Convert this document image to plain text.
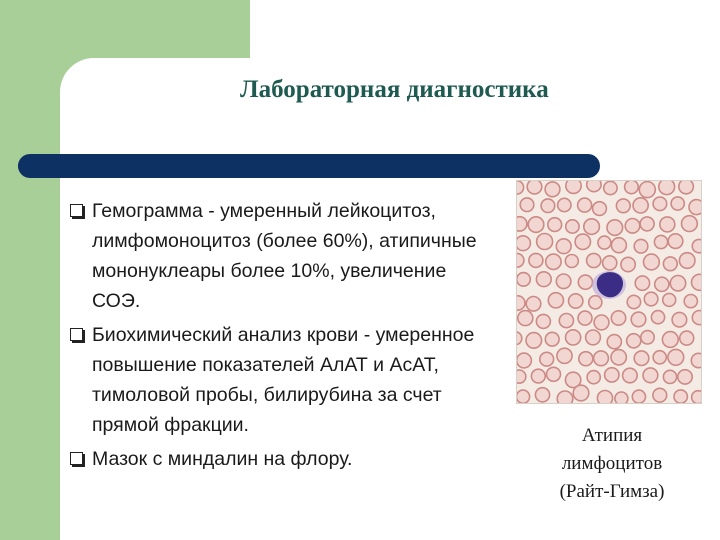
Лабораторная диагностика
Гемограмма - умеренный лейкоцитоз, лимфомоноцитоз (более 60%), атипичные мононуклеары более 10%, увеличение СОЭ.
Биохимический анализ крови - умеренное повышение показателей АлАТ и АсАТ, тимоловой пробы, билирубина за счет прямой фракции.
Мазок с миндалин на флору.
Атипия
лимфоцитов
(Райт-Гимза)
